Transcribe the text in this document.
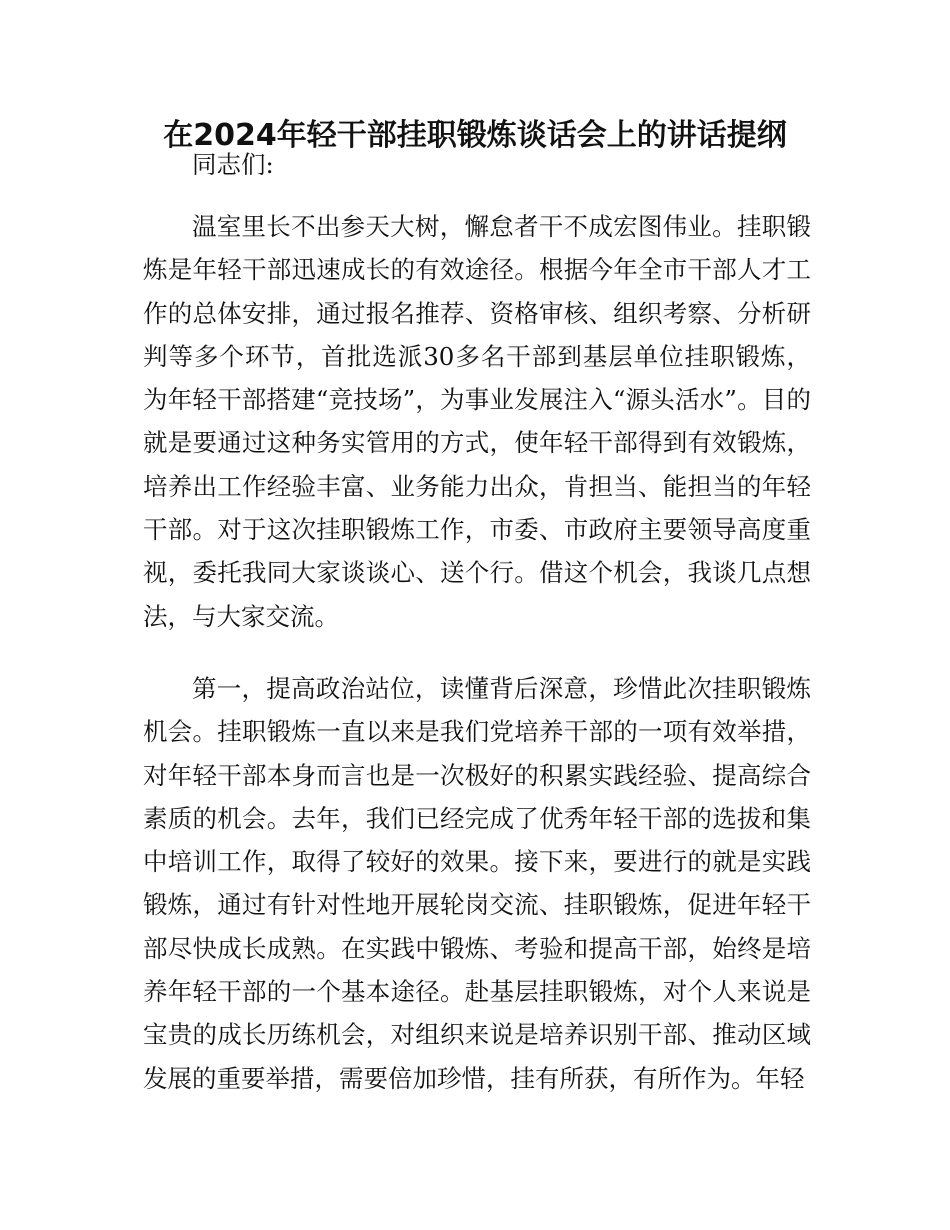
在2024年轻干部挂职锻炼谈话会上的讲话提纲

同志们:

温室里长不出参天大树，懈怠者干不成宏图伟业。挂职锻炼是年轻干部迅速成长的有效途径。根据今年全市干部人才工作的总体安排，通过报名推荐、资格审核、组织考察、分析研判等多个环节，首批选派30多名干部到基层单位挂职锻炼，为年轻干部搭建“竞技场”，为事业发展注入“源头活水”。目的就是要通过这种务实管用的方式，使年轻干部得到有效锻炼，培养出工作经验丰富、业务能力出众，肯担当、能担当的年轻干部。对于这次挂职锻炼工作，市委、市政府主要领导高度重视，委托我同大家谈谈心、送个行。借这个机会，我谈几点想法，与大家交流。

第一，提高政治站位，读懂背后深意，珍惜此次挂职锻炼机会。挂职锻炼一直以来是我们党培养干部的一项有效举措，对年轻干部本身而言也是一次极好的积累实践经验、提高综合素质的机会。去年，我们已经完成了优秀年轻干部的选拔和集中培训工作，取得了较好的效果。接下来，要进行的就是实践锻炼，通过有针对性地开展轮岗交流、挂职锻炼，促进年轻干部尽快成长成熟。在实践中锻炼、考验和提高干部，始终是培养年轻干部的一个基本途径。赴基层挂职锻炼，对个人来说是宝贵的成长历练机会，对组织来说是培养识别干部、推动区域发展的重要举措，需要倍加珍惜，挂有所获，有所作为。年轻
